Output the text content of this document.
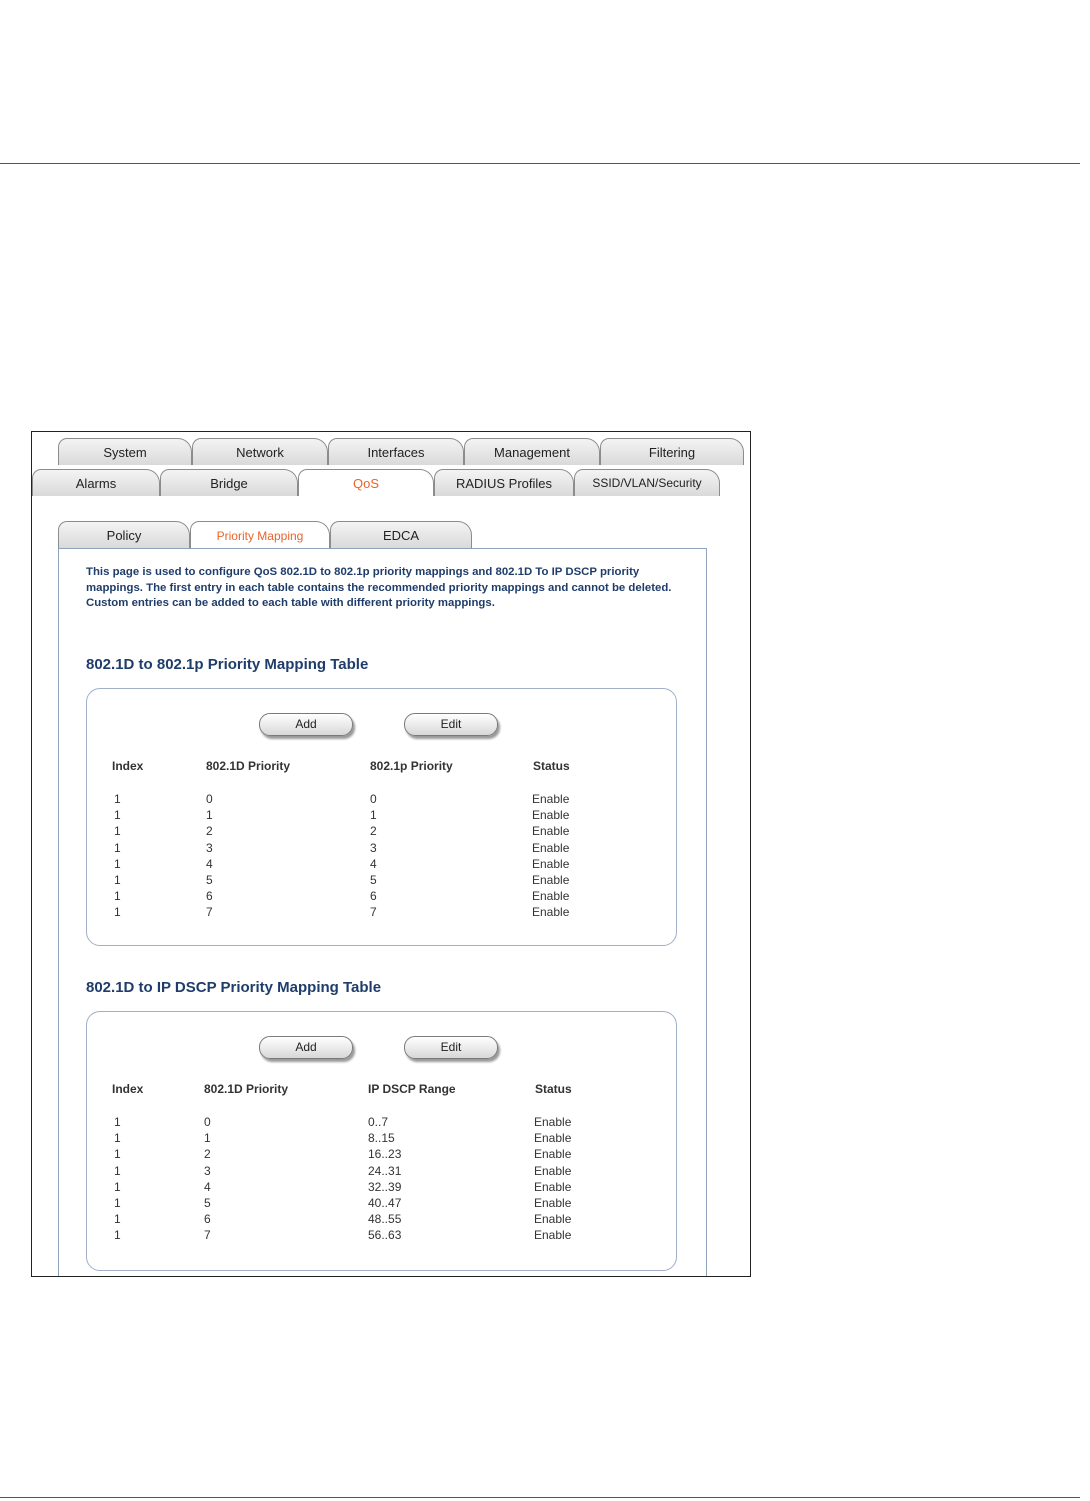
System	Network	Interfaces	Management	Filtering
Alarms	Bridge	QoS	RADIUS Profiles	SSID/VLAN/Security
Policy	Priority Mapping	EDCA
This page is used to configure QoS 802.1D to 802.1p priority mappings and 802.1D To IP DSCP priority mappings. The first entry in each table contains the recommended priority mappings and cannot be deleted. Custom entries can be added to each table with different priority mappings.
802.1D to 802.1p Priority Mapping Table
Add	Edit
Index	802.1D Priority	802.1p Priority	Status
1	0	0	Enable
1	1	1	Enable
1	2	2	Enable
1	3	3	Enable
1	4	4	Enable
1	5	5	Enable
1	6	6	Enable
1	7	7	Enable
802.1D to IP DSCP Priority Mapping Table
Add	Edit
Index	802.1D Priority	IP DSCP Range	Status
1	0	0..7	Enable
1	1	8..15	Enable
1	2	16..23	Enable
1	3	24..31	Enable
1	4	32..39	Enable
1	5	40..47	Enable
1	6	48..55	Enable
1	7	56..63	Enable
